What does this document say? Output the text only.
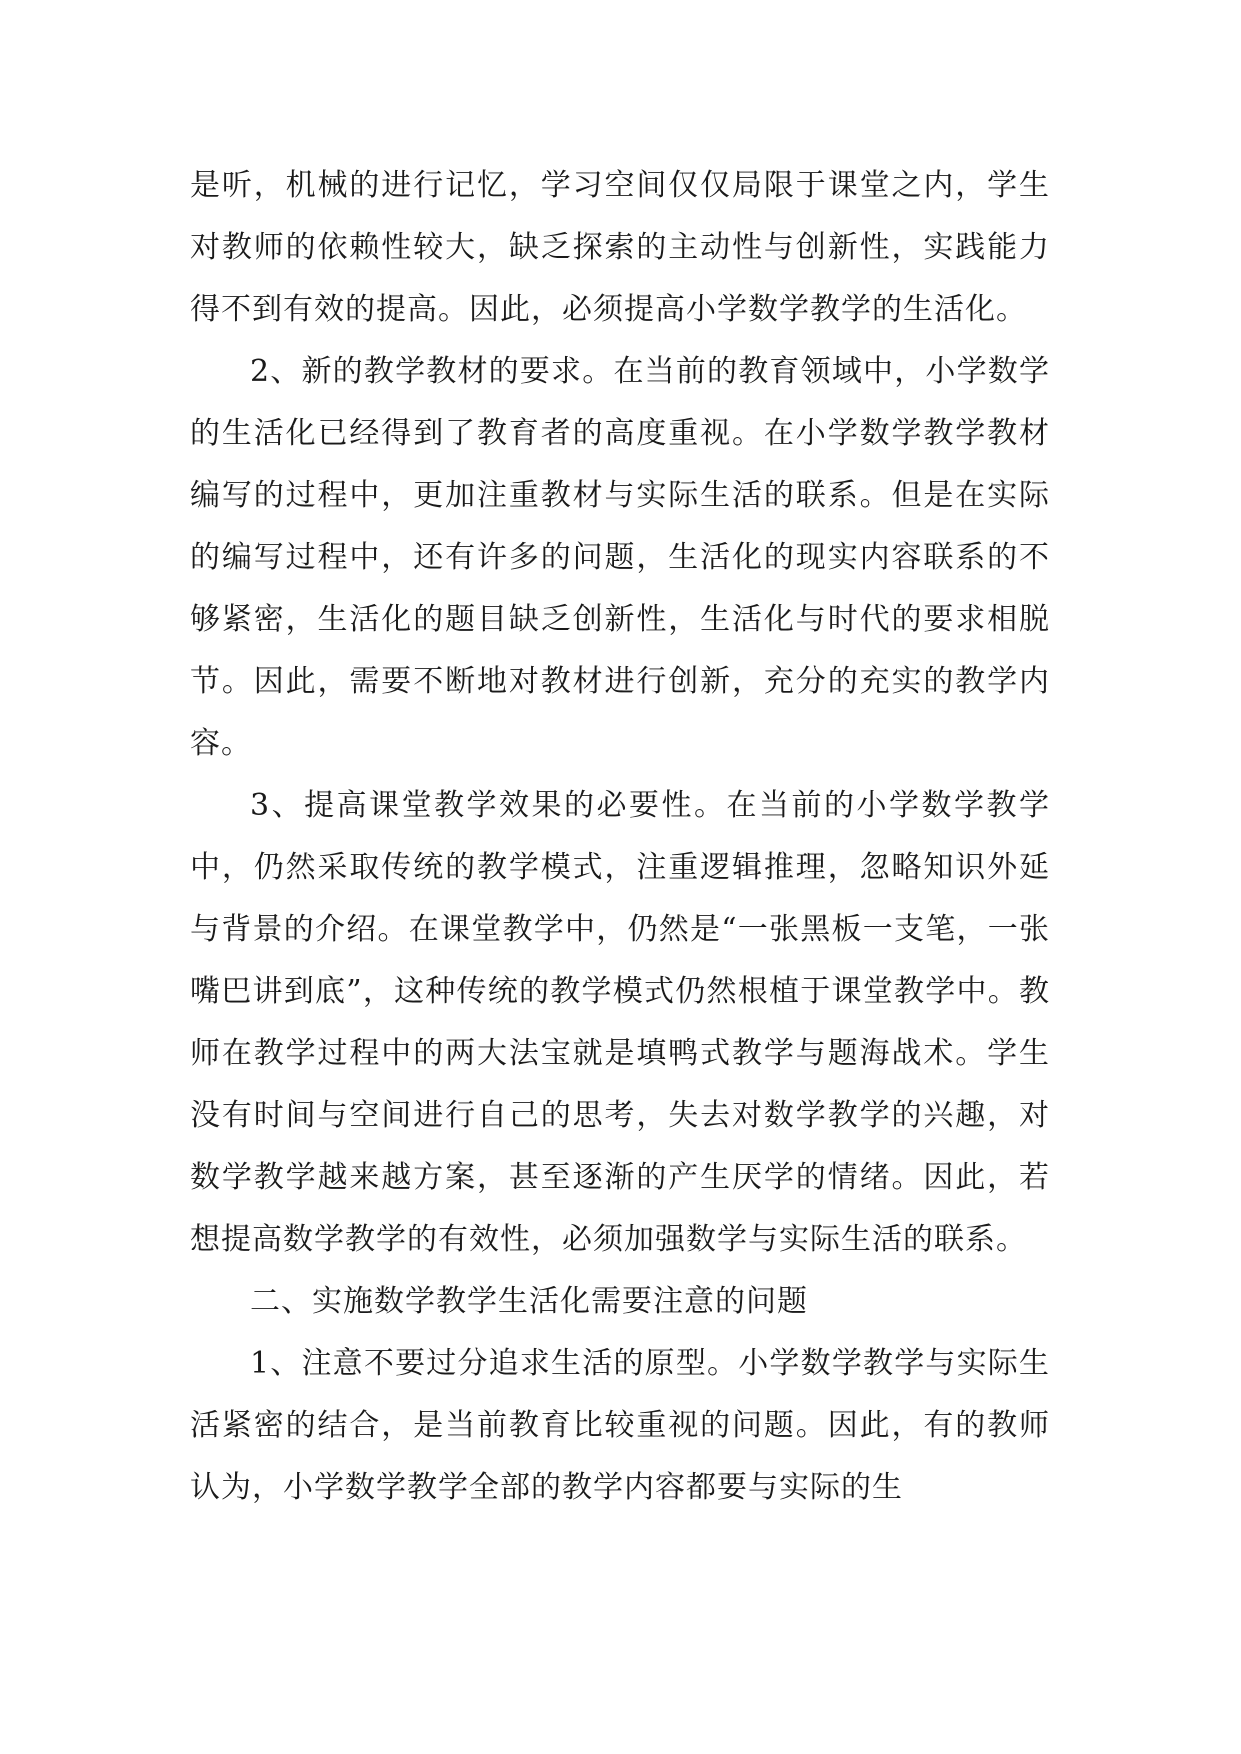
是听，机械的进行记忆，学习空间仅仅局限于课堂之内，学生对教师的依赖性较大，缺乏探索的主动性与创新性，实践能力得不到有效的提高。因此，必须提高小学数学教学的生活化。

2、新的教学教材的要求。在当前的教育领域中，小学数学的生活化已经得到了教育者的高度重视。在小学数学教学教材编写的过程中，更加注重教材与实际生活的联系。但是在实际的编写过程中，还有许多的问题，生活化的现实内容联系的不够紧密，生活化的题目缺乏创新性，生活化与时代的要求相脱节。因此，需要不断地对教材进行创新，充分的充实的教学内容。

3、提高课堂教学效果的必要性。在当前的小学数学教学中，仍然采取传统的教学模式，注重逻辑推理，忽略知识外延与背景的介绍。在课堂教学中，仍然是“一张黑板一支笔，一张嘴巴讲到底”，这种传统的教学模式仍然根植于课堂教学中。教师在教学过程中的两大法宝就是填鸭式教学与题海战术。学生没有时间与空间进行自己的思考，失去对数学教学的兴趣，对数学教学越来越方案，甚至逐渐的产生厌学的情绪。因此，若想提高数学教学的有效性，必须加强数学与实际生活的联系。

二、实施数学教学生活化需要注意的问题

1、注意不要过分追求生活的原型。小学数学教学与实际生活紧密的结合，是当前教育比较重视的问题。因此，有的教师认为，小学数学教学全部的教学内容都要与实际的生
